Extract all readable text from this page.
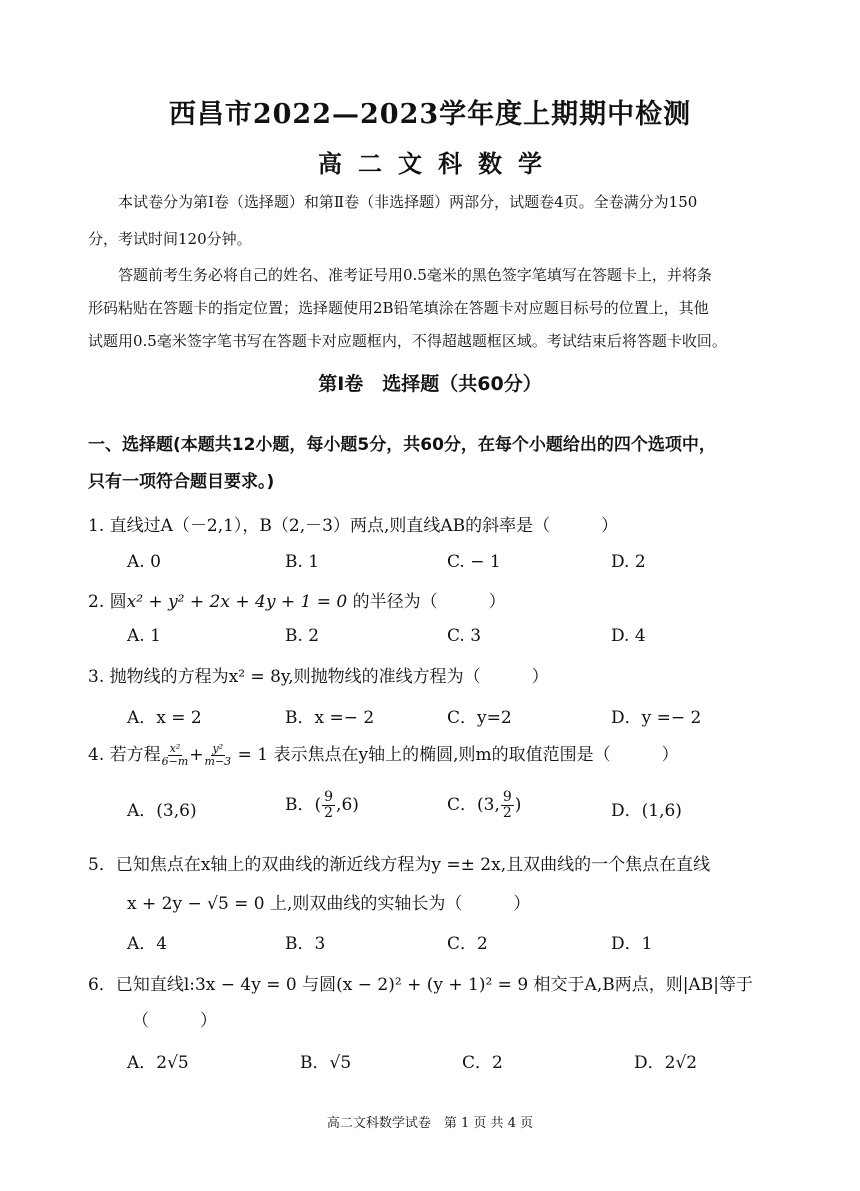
西昌市2022—2023学年度上期期中检测
高 二 文 科 数 学
本试卷分为第Ⅰ卷（选择题）和第Ⅱ卷（非选择题）两部分，试题卷4页。全卷满分为150
分，考试时间120分钟。
答题前考生务必将自己的姓名、准考证号用0.5毫米的黑色签字笔填写在答题卡上，并将条
形码粘贴在答题卡的指定位置；选择题使用2B铅笔填涂在答题卡对应题目标号的位置上，其他
试题用0.5毫米签字笔书写在答题卡对应题框内，不得超越题框区域。考试结束后将答题卡收回。
第Ⅰ卷　选择题（共60分）
一、选择题(本题共12小题，每小题5分，共60分，在每个小题给出的四个选项中，
只有一项符合题目要求。)
1. 直线过A（－2,1），B（2,－3）两点,则直线AB的斜率是（　　　）
A. 0	B. 1	C. − 1	D. 2
2. 圆x² + y² + 2x + 4y + 1 = 0 的半径为（　　　）
A. 1	B. 2	C. 3	D. 4
3. 抛物线的方程为x² = 8y,则抛物线的准线方程为（　　　）
A．x = 2	B．x =− 2	C．y=2	D．y =− 2
4. 若方程 $\frac{\text{x²}}{6-m} + \frac{\text{y²}}{m-3} = 1$ 表示焦点在y轴上的椭圆,则m的取值范围是（　　　）
A．(3,6)	B．( $\frac{9}{2} ,6$)	C．(3, $\frac{9}{2}$ )	D．(1,6)
5．已知焦点在x轴上的双曲线的渐近线方程为y =± 2x,且双曲线的一个焦点在直线
x + 2y − √5 = 0 上,则双曲线的实轴长为（　　　）
A．4	B．3	C．2	D．1
6．已知直线l:3x − 4y = 0 与圆(x − 2)² + (y + 1)² = 9 相交于A,B两点，则|AB|等于
（　　　）
A．2√5	B．√5	C．2	D．2√2
高二文科数学试卷　第 1 页 共 4 页
